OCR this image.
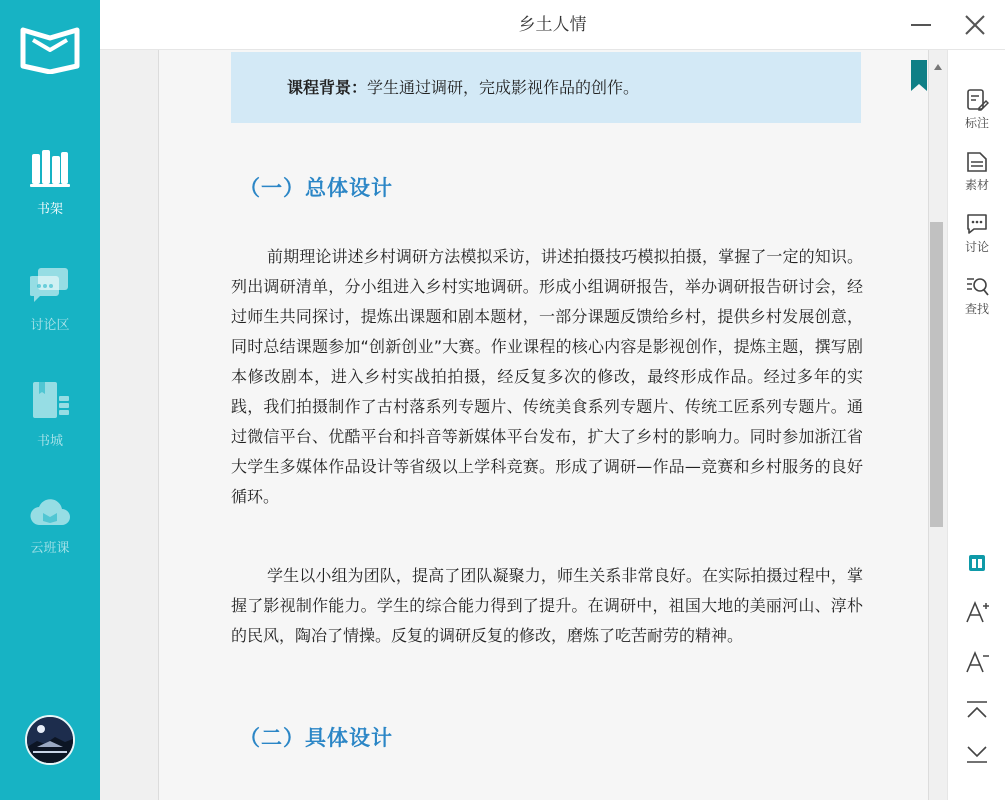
书架
讨论区
书城
云班课
乡土人情
课程背景：学生通过调研，完成影视作品的创作。
（一）总体设计
前期理论讲述乡村调研方法模拟采访，讲述拍摄技巧模拟拍摄，掌握了一定的知识。列出调研清单，分小组进入乡村实地调研。形成小组调研报告，举办调研报告研讨会，经过师生共同探讨，提炼出课题和剧本题材，一部分课题反馈给乡村，提供乡村发展创意，同时总结课题参加“创新创业”大赛。作业课程的核心内容是影视创作，提炼主题，撰写剧本修改剧本，进入乡村实战拍拍摄，经反复多次的修改，最终形成作品。经过多年的实践，我们拍摄制作了古村落系列专题片、传统美食系列专题片、传统工匠系列专题片。通过微信平台、优酷平台和抖音等新媒体平台发布，扩大了乡村的影响力。同时参加浙江省大学生多媒体作品设计等省级以上学科竞赛。形成了调研—作品—竞赛和乡村服务的良好循环。
学生以小组为团队，提高了团队凝聚力，师生关系非常良好。在实际拍摄过程中，掌握了影视制作能力。学生的综合能力得到了提升。在调研中，祖国大地的美丽河山、淳朴的民风，陶冶了情操。反复的调研反复的修改，磨炼了吃苦耐劳的精神。
（二）具体设计
标注
素材
讨论
查找
